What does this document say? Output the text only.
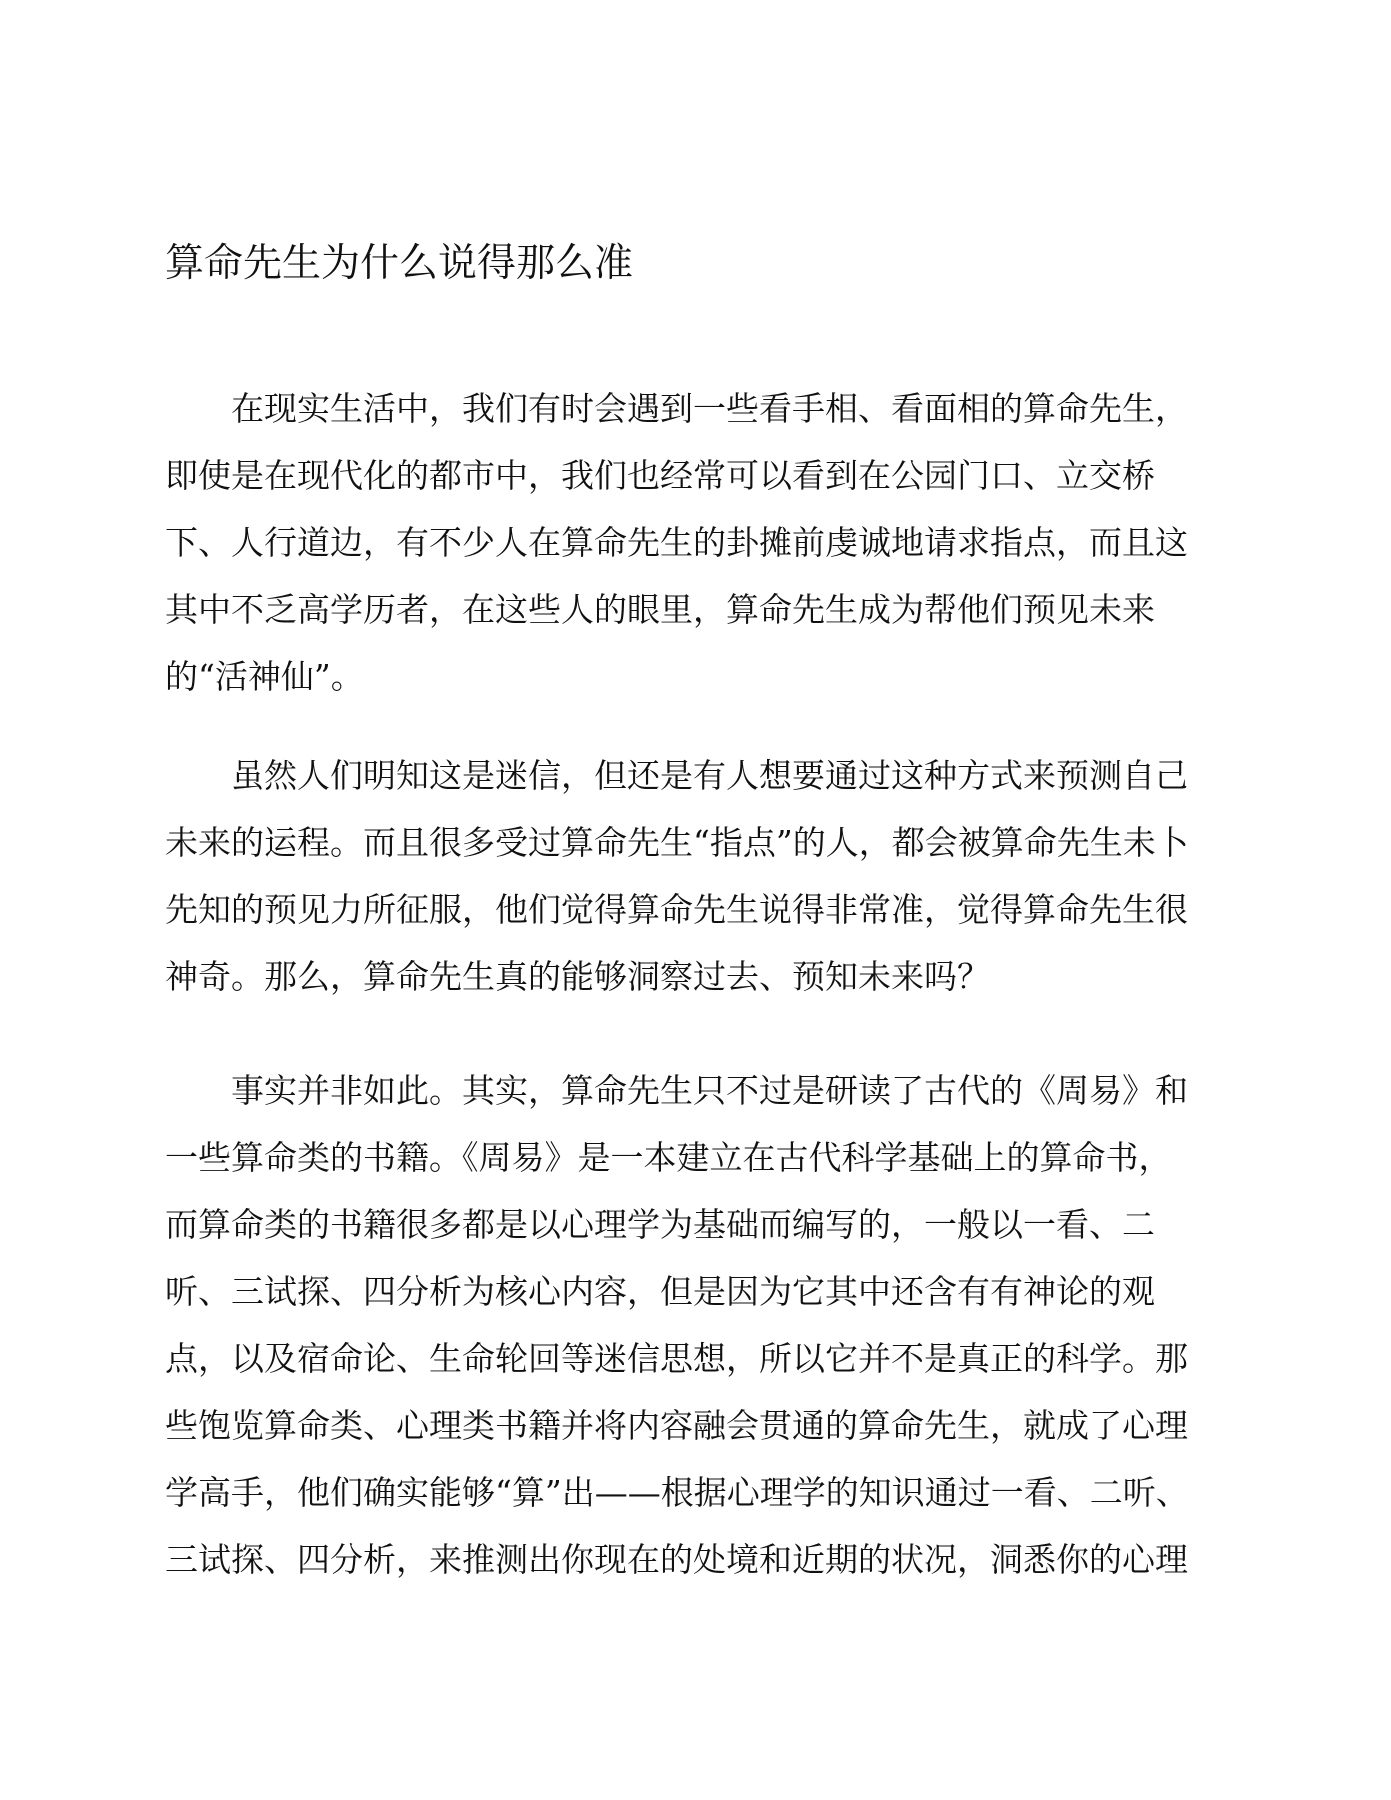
算命先生为什么说得那么准
　　在现实生活中，我们有时会遇到一些看手相、看面相的算命先生，
即使是在现代化的都市中，我们也经常可以看到在公园门口、立交桥
下、人行道边，有不少人在算命先生的卦摊前虔诚地请求指点，而且这
其中不乏高学历者，在这些人的眼里，算命先生成为帮他们预见未来
的“活神仙”。
　　虽然人们明知这是迷信，但还是有人想要通过这种方式来预测自己
未来的运程。而且很多受过算命先生“指点”的人，都会被算命先生未卜
先知的预见力所征服，他们觉得算命先生说得非常准，觉得算命先生很
神奇。那么，算命先生真的能够洞察过去、预知未来吗？
　　事实并非如此。其实，算命先生只不过是研读了古代的《周易》和
一些算命类的书籍。《周易》是一本建立在古代科学基础上的算命书，
而算命类的书籍很多都是以心理学为基础而编写的，一般以一看、二
听、三试探、四分析为核心内容，但是因为它其中还含有有神论的观
点，以及宿命论、生命轮回等迷信思想，所以它并不是真正的科学。那
些饱览算命类、心理类书籍并将内容融会贯通的算命先生，就成了心理
学高手，他们确实能够“算”出——根据心理学的知识通过一看、二听、
三试探、四分析，来推测出你现在的处境和近期的状况，洞悉你的心理
